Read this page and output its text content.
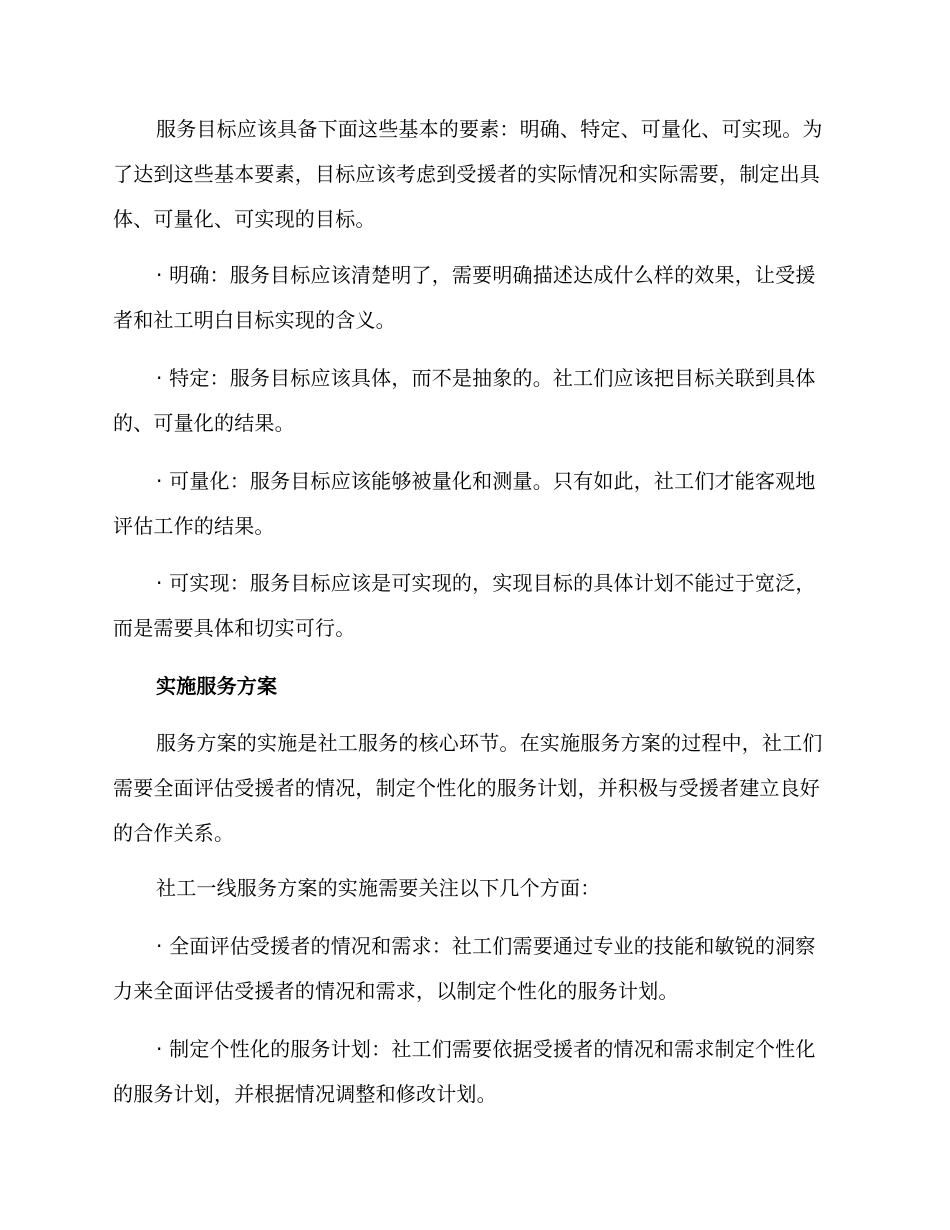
服务目标应该具备下面这些基本的要素：明确、特定、可量化、可实现。为了达到这些基本要素，目标应该考虑到受援者的实际情况和实际需要，制定出具体、可量化、可实现的目标。

· 明确：服务目标应该清楚明了，需要明确描述达成什么样的效果，让受援者和社工明白目标实现的含义。

· 特定：服务目标应该具体，而不是抽象的。社工们应该把目标关联到具体的、可量化的结果。

· 可量化：服务目标应该能够被量化和测量。只有如此，社工们才能客观地评估工作的结果。

· 可实现：服务目标应该是可实现的，实现目标的具体计划不能过于宽泛，而是需要具体和切实可行。

实施服务方案

服务方案的实施是社工服务的核心环节。在实施服务方案的过程中，社工们需要全面评估受援者的情况，制定个性化的服务计划，并积极与受援者建立良好的合作关系。

社工一线服务方案的实施需要关注以下几个方面：

· 全面评估受援者的情况和需求：社工们需要通过专业的技能和敏锐的洞察力来全面评估受援者的情况和需求，以制定个性化的服务计划。

· 制定个性化的服务计划：社工们需要依据受援者的情况和需求制定个性化的服务计划，并根据情况调整和修改计划。
